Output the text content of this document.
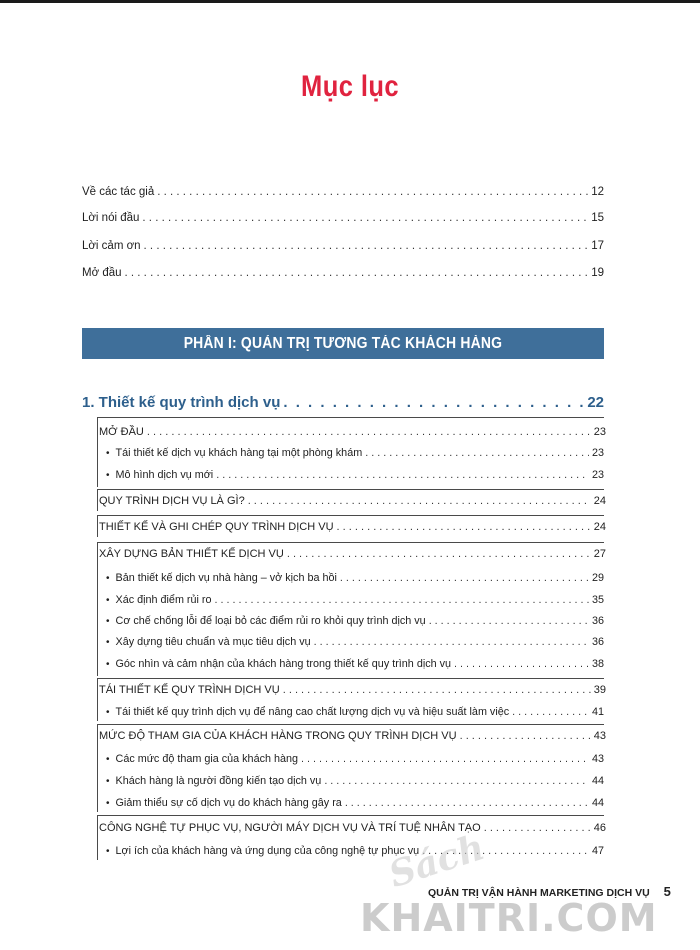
Mục lục
Về các tác giả . . .	12
Lời nói đầu . . .	15
Lời cảm ơn . . .	17
Mở đầu . . .	19
PHẦN I: QUẢN TRỊ TƯƠNG TÁC KHÁCH HÀNG
1. Thiết kế quy trình dịch vụ . . .	22
MỞ ĐẦU . . .	23
• Tái thiết kế dịch vụ khách hàng tại một phòng khám . . .	23
• Mô hình dịch vụ mới . . .	23
QUY TRÌNH DỊCH VỤ LÀ GÌ? . . .	24
THIẾT KẾ VÀ GHI CHÉP QUY TRÌNH DỊCH VỤ . . .	24
XÂY DỰNG BẢN THIẾT KẾ DỊCH VỤ . . .	27
• Bản thiết kế dịch vụ nhà hàng – vở kịch ba hồi . . .	29
• Xác định điểm rủi ro . . .	35
• Cơ chế chống lỗi để loại bỏ các điểm rủi ro khỏi quy trình dịch vụ . . .	36
• Xây dựng tiêu chuẩn và mục tiêu dịch vụ . . .	36
• Góc nhìn và cảm nhận của khách hàng trong thiết kế quy trình dịch vụ . . .	38
TÁI THIẾT KẾ QUY TRÌNH DỊCH VỤ . . .	39
• Tái thiết kế quy trình dịch vụ để nâng cao chất lượng dịch vụ và hiệu suất làm việc . . .	41
MỨC ĐỘ THAM GIA CỦA KHÁCH HÀNG TRONG QUY TRÌNH DỊCH VỤ . . .	43
• Các mức độ tham gia của khách hàng . . .	43
• Khách hàng là người đồng kiến tạo dịch vụ . . .	44
• Giảm thiểu sự cố dịch vụ do khách hàng gây ra . . .	44
CÔNG NGHỆ TỰ PHỤC VỤ, NGƯỜI MÁY DỊCH VỤ VÀ TRÍ TUỆ NHÂN TẠO . . .	46
• Lợi ích của khách hàng và ứng dụng của công nghệ tự phục vụ . . .	47
QUẢN TRỊ VẬN HÀNH MARKETING DỊCH VỤ 5
Sách
KHAITRI.COM
